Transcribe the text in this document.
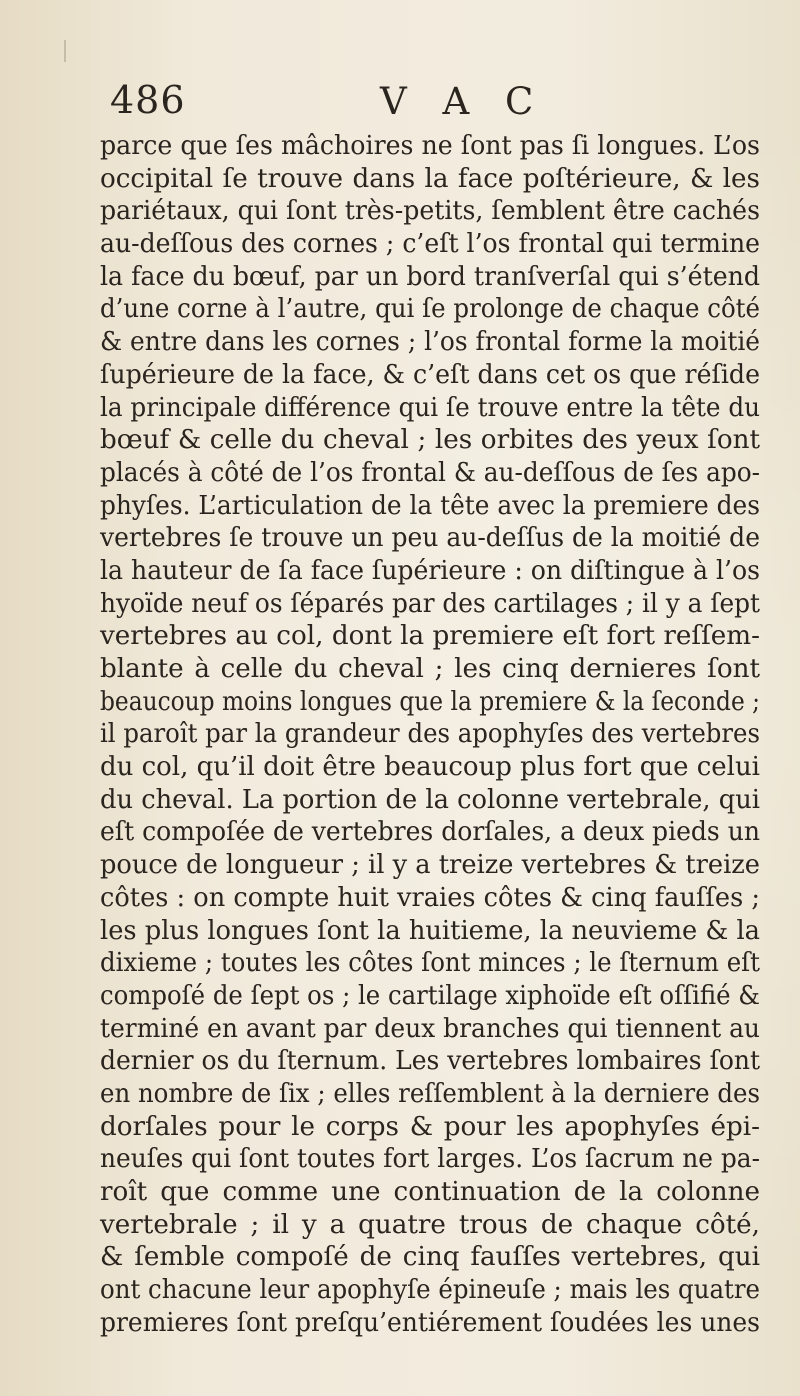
486	V A C
parce que ſes mâchoires ne ſont pas ſi longues. L’os
occipital ſe trouve dans la face poſtérieure, & les
pariétaux, qui ſont très-petits, ſemblent être cachés
au-deſſous des cornes ; c’eſt l’os frontal qui termine
la face du bœuf, par un bord tranſverſal qui s’étend
d’une corne à l’autre, qui ſe prolonge de chaque côté
& entre dans les cornes ; l’os frontal forme la moitié
ſupérieure de la face, & c’eſt dans cet os que réſide
la principale différence qui ſe trouve entre la tête du
bœuf & celle du cheval ; les orbites des yeux ſont
placés à côté de l’os frontal & au-deſſous de ſes apo-
phyſes. L’articulation de la tête avec la premiere des
vertebres ſe trouve un peu au-deſſus de la moitié de
la hauteur de ſa face ſupérieure : on diſtingue à l’os
hyoïde neuf os ſéparés par des cartilages ; il y a ſept
vertebres au col, dont la premiere eſt fort reſſem-
blante à celle du cheval ; les cinq dernieres ſont
beaucoup moins longues que la premiere & la ſeconde ;
il paroît par la grandeur des apophyſes des vertebres
du col, qu’il doit être beaucoup plus fort que celui
du cheval. La portion de la colonne vertebrale, qui
eſt compoſée de vertebres dorſales, a deux pieds un
pouce de longueur ; il y a treize vertebres & treize
côtes : on compte huit vraies côtes & cinq fauſſes ;
les plus longues ſont la huitieme, la neuvieme & la
dixieme ; toutes les côtes ſont minces ; le ſternum eſt
compoſé de ſept os ; le cartilage xiphoïde eſt oſſifié &
terminé en avant par deux branches qui tiennent au
dernier os du ſternum. Les vertebres lombaires ſont
en nombre de ſix ; elles reſſemblent à la derniere des
dorſales pour le corps & pour les apophyſes épi-
neuſes qui ſont toutes fort larges. L’os ſacrum ne pa-
roît que comme une continuation de la colonne
vertebrale ; il y a quatre trous de chaque côté,
& ſemble compoſé de cinq fauſſes vertebres, qui
ont chacune leur apophyſe épineuſe ; mais les quatre
premieres ſont preſqu’entiérement ſoudées les unes
